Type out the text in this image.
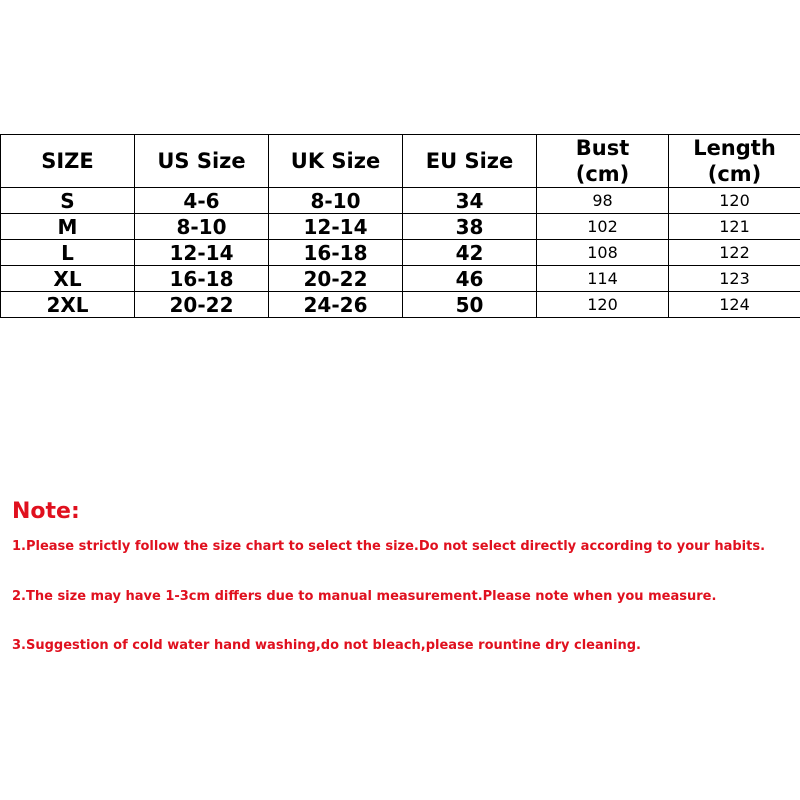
SIZE	US Size	UK Size	EU Size	Bust (cm)	Length (cm)
S	4-6	8-10	34	98	120
M	8-10	12-14	38	102	121
L	12-14	16-18	42	108	122
XL	16-18	20-22	46	114	123
2XL	20-22	24-26	50	120	124
Note:
1.Please strictly follow the size chart to select the size.Do not select directly according to your habits.
2.The size may have 1-3cm differs due to manual measurement.Please note when you measure.
3.Suggestion of cold water hand washing,do not bleach,please rountine dry cleaning.
